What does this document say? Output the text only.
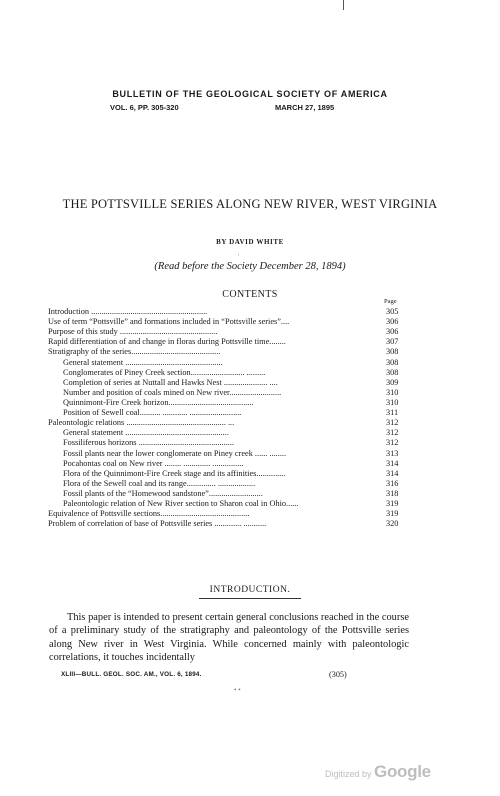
BULLETIN OF THE GEOLOGICAL SOCIETY OF AMERICA
VOL. 6, PP. 305-320	MARCH 27, 1895
THE POTTSVILLE SERIES ALONG NEW RIVER, WEST VIRGINIA
BY DAVID WHITE
'
(Read before the Society December 28, 1894)
CONTENTS
Page
Introduction ........................................................	305
Use of term “Pottsville” and formations included in “Pottsville series”....	306
Purpose of this study ...............................................	306
Rapid differentiation of and change in floras during Pottsville time........	307
Stratigraphy of the series...........................................	308
General statement ...............................................	308
Conglomerates of Piney Creek section.......................... .........	308
Completion of series at Nuttall and Hawks Nest ..................... ....	309
Number and position of coals mined on New river.........................	310
Quinnimont-Fire Creek horizon.........................................	310
Position of Sewell coal.......... ............ .........................	311
Paleontologic relations ................................................ ...	312
General statement ..................................................	312
Fossiliferous horizons ..............................................	312
Fossil plants near the lower conglomerate on Piney creek ...... ........	313
Pocahontas coal on New river ........ ............. ...............	314
Flora of the Quinnimont-Fire Creek stage and its affinities..............	314
Flora of the Sewell coal and its range.............. ..................	316
Fossil plants of the “Homewood sandstone”..........................	318
Paleontologic relation of New River section to Sharon coal in Ohio......	319
Equivalence of Pottsville sections...........................................	319
Problem of correlation of base of Pottsville series ............. ...........	320
INTRODUCTION.

This paper is intended to present certain general conclusions reached in the course of a preliminary study of the stratigraphy and paleontology of the Pottsville series along New river in West Virginia. While concerned mainly with paleontologic correlations, it touches incidentally

XLIII—BULL. GEOL. SOC. AM., VOL. 6, 1894.	(305)
• •
Digitized by Google
